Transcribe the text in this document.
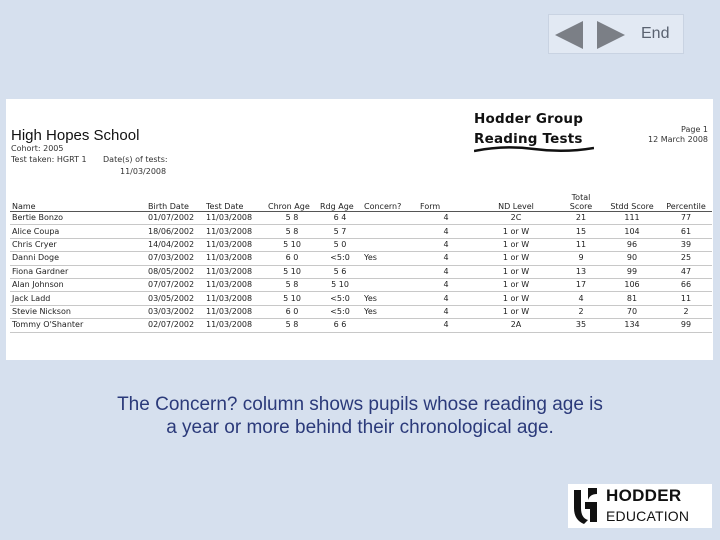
End
High Hopes School
Cohort: 2005
Test taken: HGRT 1 Date(s) of tests:
11/03/2008
Hodder Group
Reading Tests
Page 1
12 March 2008
Name	Birth Date	Test Date	Chron Age	Rdg Age	Concern?	Form	ND Level	Total Score	Stdd Score	Percentile
Bertie Bonzo	01/07/2002	11/03/2008	5 8	6 4		4	2C	21	111	77
Alice Coupa	18/06/2002	11/03/2008	5 8	5 7		4	1 or W	15	104	61
Chris Cryer	14/04/2002	11/03/2008	5 10	5 0		4	1 or W	11	96	39
Danni Doge	07/03/2002	11/03/2008	6 0	<5:0	Yes	4	1 or W	9	90	25
Fiona Gardner	08/05/2002	11/03/2008	5 10	5 6		4	1 or W	13	99	47
Alan Johnson	07/07/2002	11/03/2008	5 8	5 10		4	1 or W	17	106	66
Jack Ladd	03/05/2002	11/03/2008	5 10	<5:0	Yes	4	1 or W	4	81	11
Stevie Nickson	03/03/2002	11/03/2008	6 0	<5:0	Yes	4	1 or W	2	70	2
Tommy O'Shanter	02/07/2002	11/03/2008	5 8	6 6		4	2A	35	134	99
The Concern? column shows pupils whose reading age is
a year or more behind their chronological age.
HODDER
EDUCATION
